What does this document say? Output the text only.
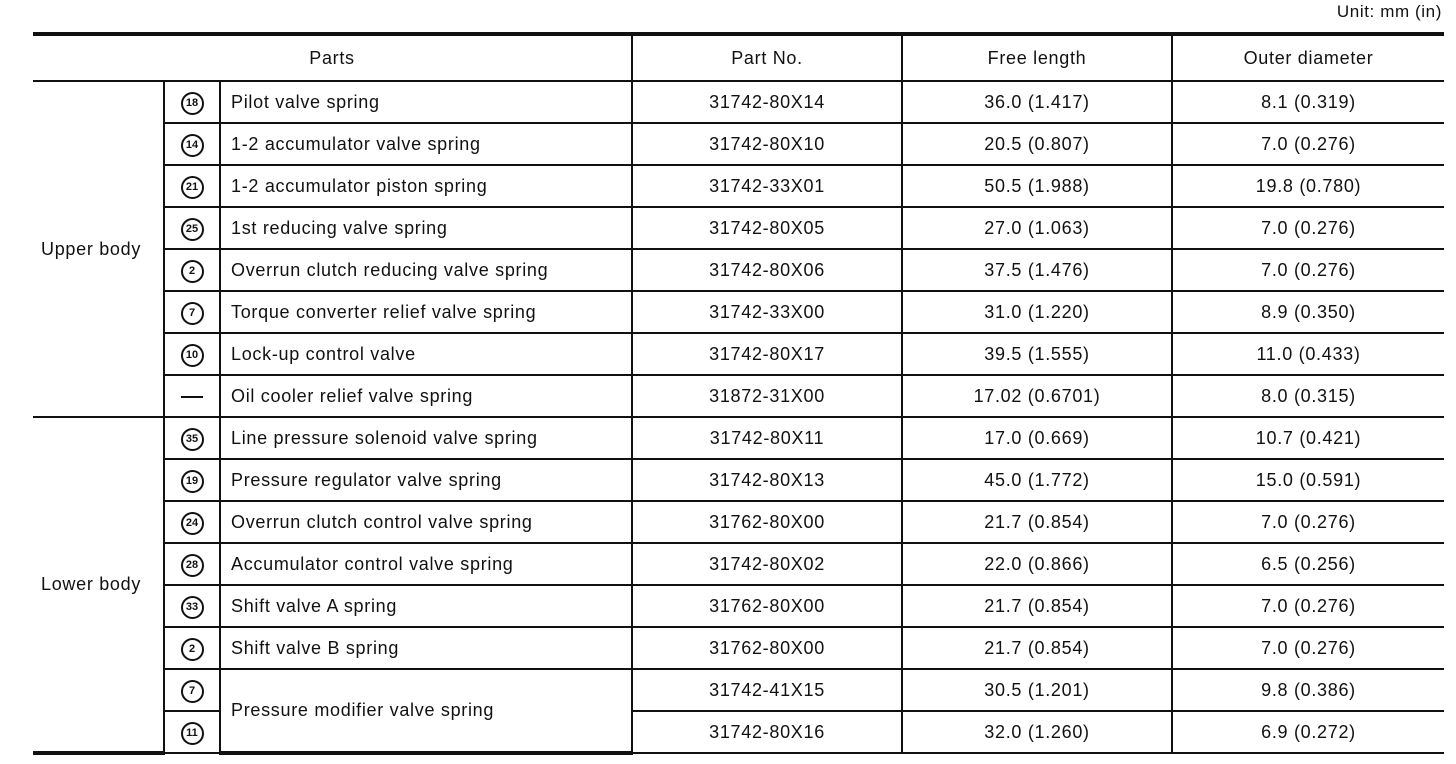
Unit: mm (in)
Parts			Part No.	Free length	Outer diameter
Upper body	18	Pilot valve spring	31742-80X14	36.0 (1.417)	8.1 (0.319)
	14	1-2 accumulator valve spring	31742-80X10	20.5 (0.807)	7.0 (0.276)
	21	1-2 accumulator piston spring	31742-33X01	50.5 (1.988)	19.8 (0.780)
	25	1st reducing valve spring	31742-80X05	27.0 (1.063)	7.0 (0.276)
	2	Overrun clutch reducing valve spring	31742-80X06	37.5 (1.476)	7.0 (0.276)
	7	Torque converter relief valve spring	31742-33X00	31.0 (1.220)	8.9 (0.350)
	10	Lock-up control valve	31742-80X17	39.5 (1.555)	11.0 (0.433)
		Oil cooler relief valve spring	31872-31X00	17.02 (0.6701)	8.0 (0.315)
Lower body	35	Line pressure solenoid valve spring	31742-80X11	17.0 (0.669)	10.7 (0.421)
	19	Pressure regulator valve spring	31742-80X13	45.0 (1.772)	15.0 (0.591)
	24	Overrun clutch control valve spring	31762-80X00	21.7 (0.854)	7.0 (0.276)
	28	Accumulator control valve spring	31742-80X02	22.0 (0.866)	6.5 (0.256)
	33	Shift valve A spring	31762-80X00	21.7 (0.854)	7.0 (0.276)
	2	Shift valve B spring	31762-80X00	21.7 (0.854)	7.0 (0.276)
	7	Pressure modifier valve spring	31742-41X15	30.5 (1.201)	9.8 (0.386)
	11		31742-80X16	32.0 (1.260)	6.9 (0.272)
